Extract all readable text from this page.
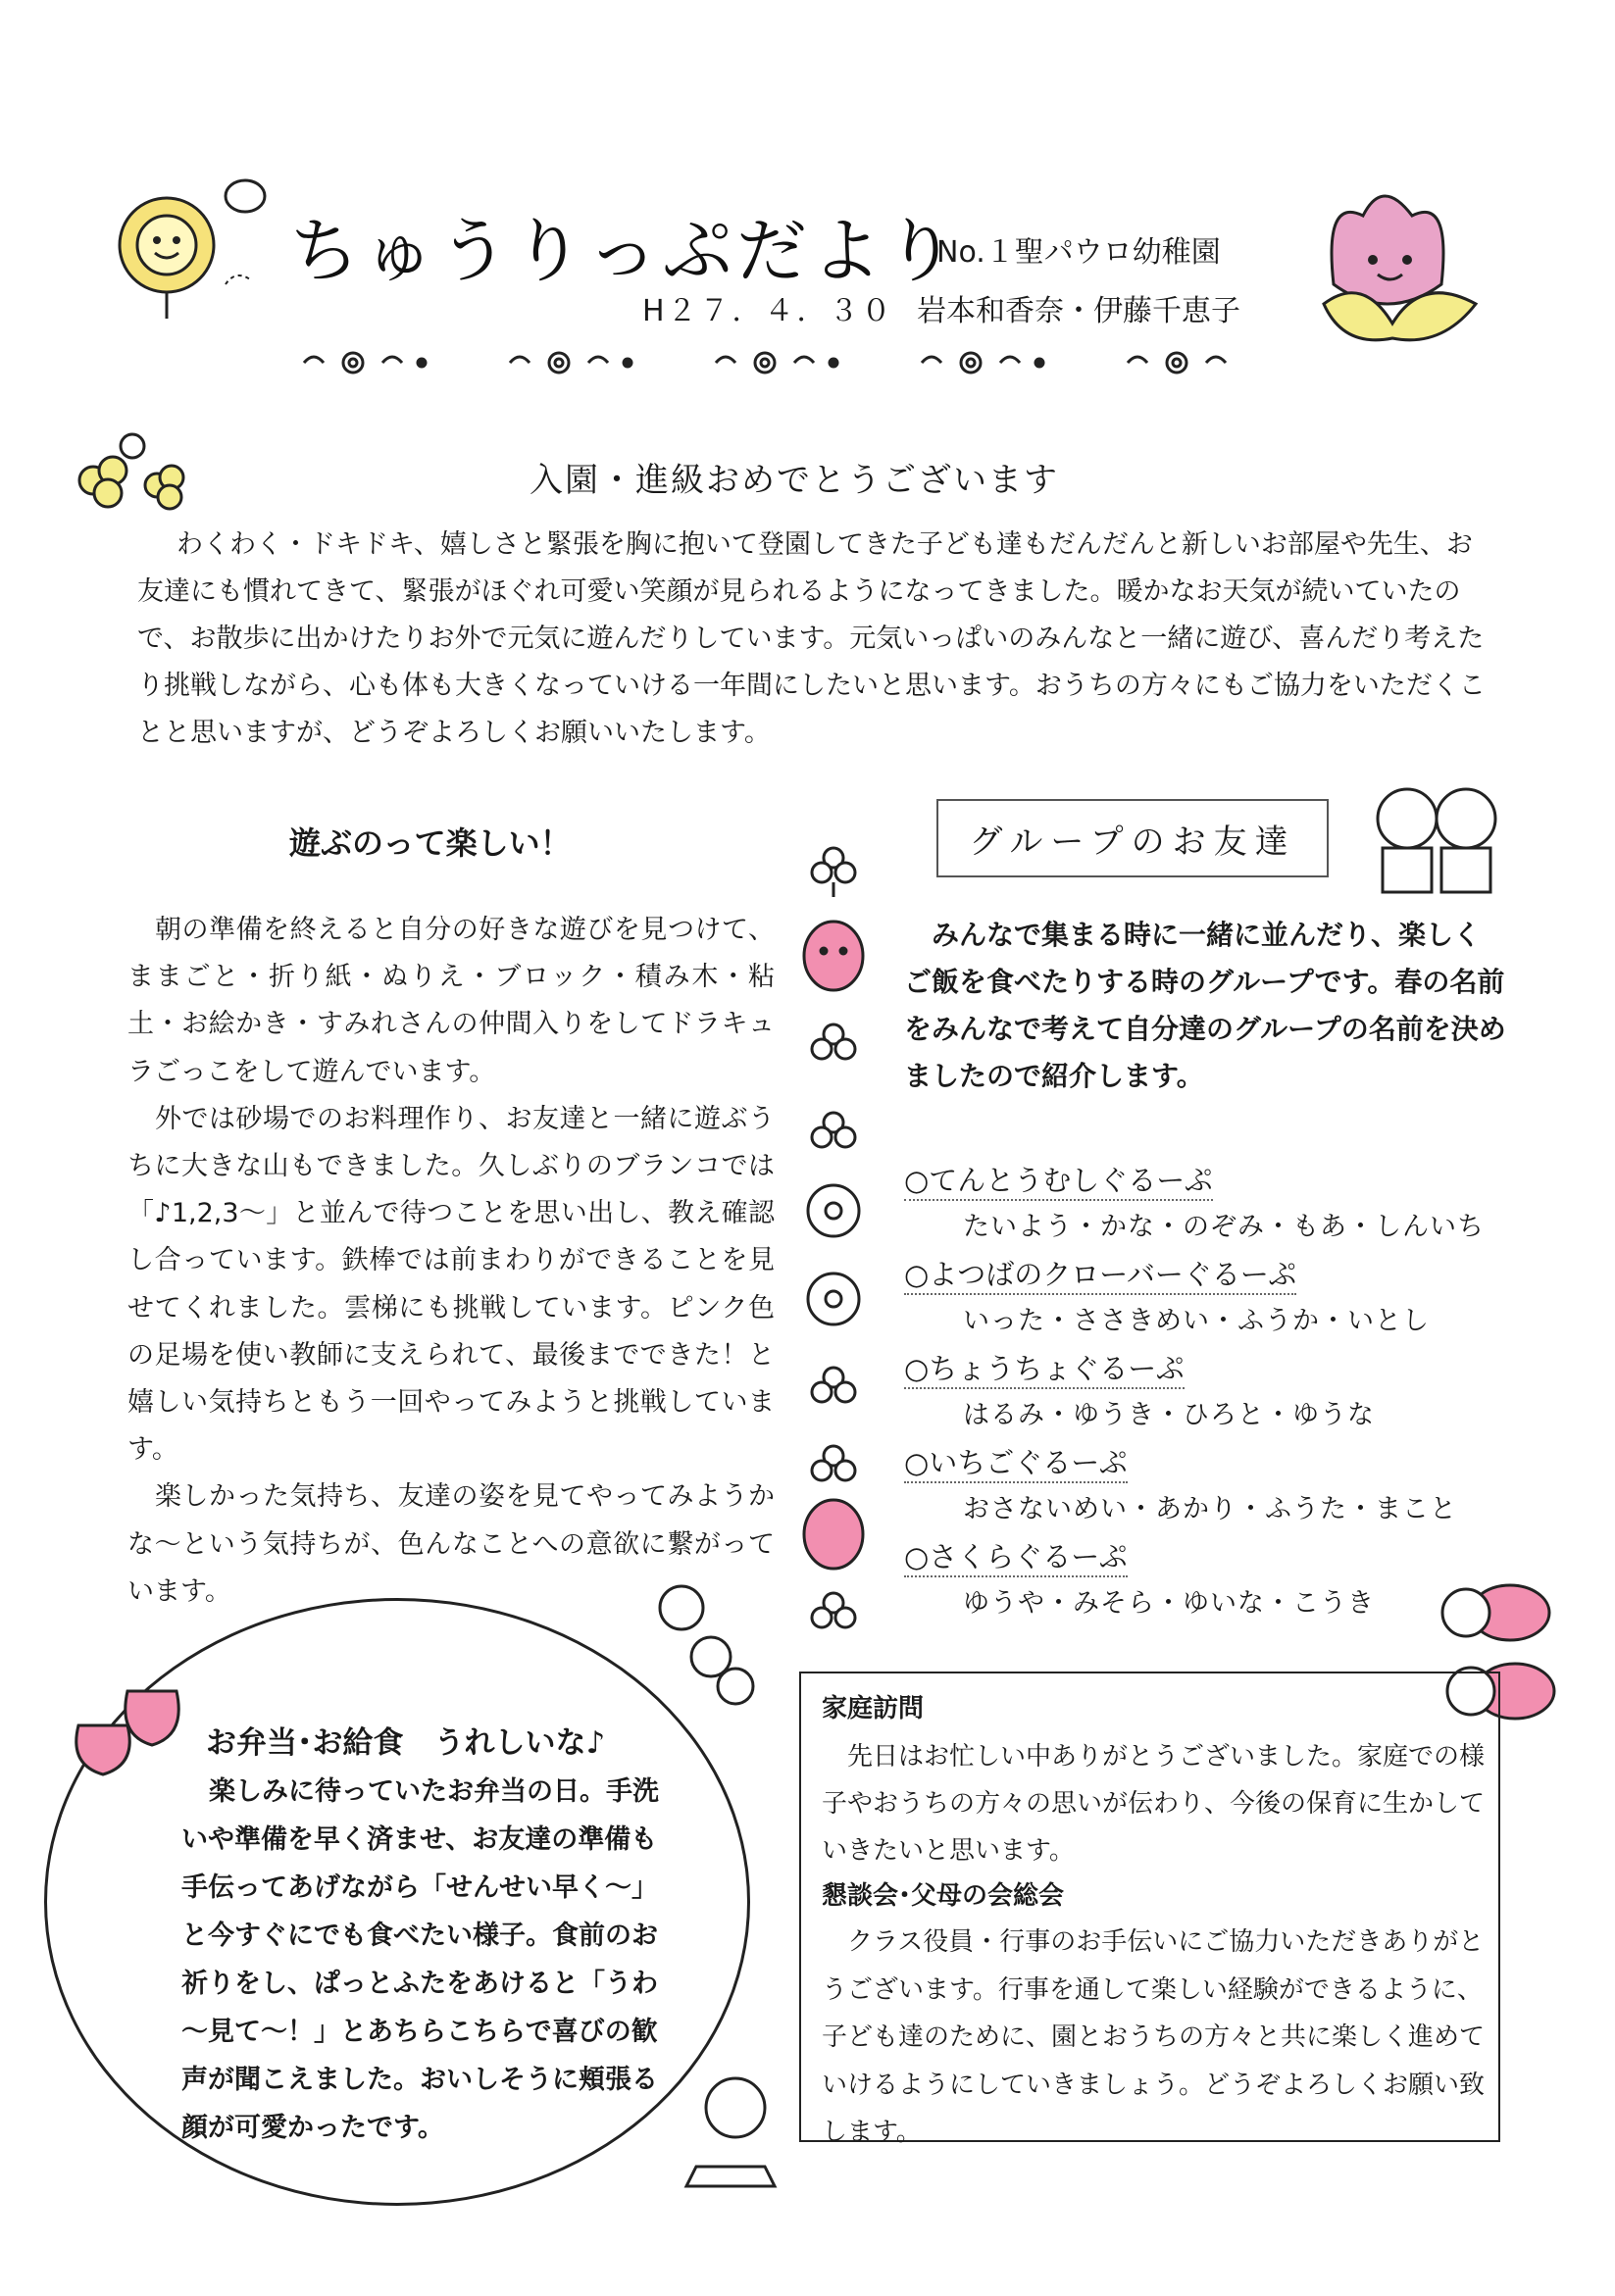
ちゅうりっぷだより
No.１聖パウロ幼稚園
H２７．４．３０ 岩本和香奈・伊藤千恵子
入園・進級おめでとうございます
わくわく・ドキドキ、嬉しさと緊張を胸に抱いて登園してきた子ども達もだんだんと新しいお部屋や先生、お友達にも慣れてきて、緊張がほぐれ可愛い笑顔が見られるようになってきました。暖かなお天気が続いていたので、お散歩に出かけたりお外で元気に遊んだりしています。元気いっぱいのみんなと一緒に遊び、喜んだり考えたり挑戦しながら、心も体も大きくなっていける一年間にしたいと思います。おうちの方々にもご協力をいただくことと思いますが、どうぞよろしくお願いいたします。
遊ぶのって楽しい！

朝の準備を終えると自分の好きな遊びを見つけて、ままごと・折り紙・ぬりえ・ブロック・積み木・粘土・お絵かき・すみれさんの仲間入りをしてドラキュラごっこをして遊んでいます。

外では砂場でのお料理作り、お友達と一緒に遊ぶうちに大きな山もできました。久しぶりのブランコでは「♪1,2,3～」と並んで待つことを思い出し、教え確認し合っています。鉄棒では前まわりができることを見せてくれました。雲梯にも挑戦しています。ピンク色の足場を使い教師に支えられて、最後までできた！と嬉しい気持ちともう一回やってみようと挑戦しています。

楽しかった気持ち、友達の姿を見てやってみようかな～という気持ちが、色んなことへの意欲に繋がっています。

グループのお友達
みんなで集まる時に一緒に並んだり、楽しくご飯を食べたりする時のグループです。春の名前をみんなで考えて自分達のグループの名前を決めましたので紹介します。
○てんとうむしぐるーぷ
たいよう・かな・のぞみ・もあ・しんいち
○よつばのクローバーぐるーぷ
いった・ささきめい・ふうか・いとし
○ちょうちょぐるーぷ
はるみ・ゆうき・ひろと・ゆうな
○いちごぐるーぷ
おさないめい・あかり・ふうた・まこと
○さくらぐるーぷ
ゆうや・みそら・ゆいな・こうき
お弁当･お給食　うれしいな♪
楽しみに待っていたお弁当の日。手洗いや準備を早く済ませ、お友達の準備も手伝ってあげながら「せんせい早く～」と今すぐにでも食べたい様子。食前のお祈りをし、ぱっとふたをあけると「うわ～見て～！」とあちらこちらで喜びの歓声が聞こえました。おいしそうに頬張る顔が可愛かったです。
家庭訪問
先日はお忙しい中ありがとうございました。家庭での様子やおうちの方々の思いが伝わり、今後の保育に生かしていきたいと思います。
懇談会･父母の会総会
クラス役員・行事のお手伝いにご協力いただきありがとうございます。行事を通して楽しい経験ができるように、子ども達のために、園とおうちの方々と共に楽しく進めていけるようにしていきましょう。どうぞよろしくお願い致します。
